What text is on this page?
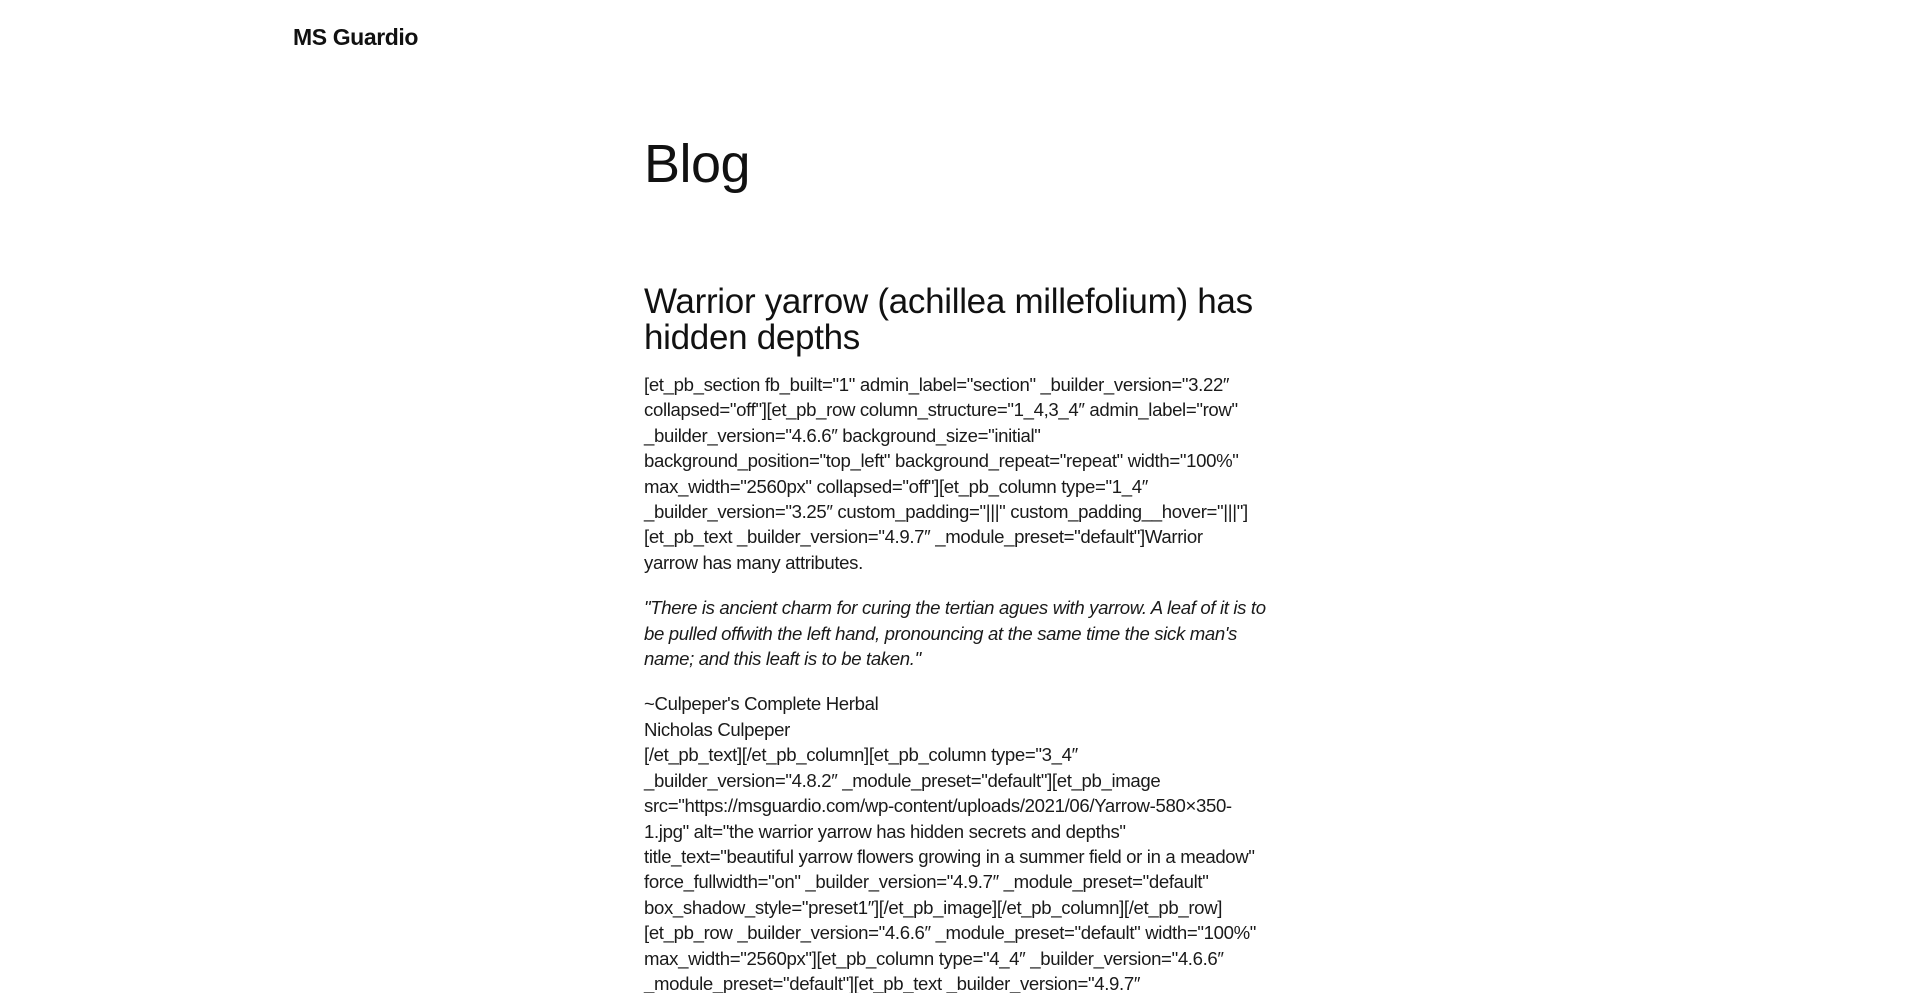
MS Guardio
Blog
Warrior yarrow (achillea millefolium) has hidden depths

[et_pb_section fb_built="1" admin_label="section" _builder_version="3.22″
collapsed="off"][et_pb_row column_structure="1_4,3_4″ admin_label="row"
_builder_version="4.6.6″ background_size="initial"
background_position="top_left" background_repeat="repeat" width="100%"
max_width="2560px" collapsed="off"][et_pb_column type="1_4″
_builder_version="3.25″ custom_padding="|||" custom_padding__hover="|||"]
[et_pb_text _builder_version="4.9.7″ _module_preset="default"]Warrior
yarrow has many attributes.

"There is ancient charm for curing the tertian agues with yarrow. A leaf of it is to
be pulled offwith the left hand, pronouncing at the same time the sick man's
name; and this leaft is to be taken."

~Culpeper's Complete Herbal
Nicholas Culpeper
[/et_pb_text][/et_pb_column][et_pb_column type="3_4″
_builder_version="4.8.2″ _module_preset="default"][et_pb_image
src="https://msguardio.com/wp-content/uploads/2021/06/Yarrow-580×350-
1.jpg" alt="the warrior yarrow has hidden secrets and depths"
title_text="beautiful yarrow flowers growing in a summer field or in a meadow"
force_fullwidth="on" _builder_version="4.9.7″ _module_preset="default"
box_shadow_style="preset1″][/et_pb_image][/et_pb_column][/et_pb_row]
[et_pb_row _builder_version="4.6.6″ _module_preset="default" width="100%"
max_width="2560px"][et_pb_column type="4_4″ _builder_version="4.6.6″
_module_preset="default"][et_pb_text _builder_version="4.9.7″
